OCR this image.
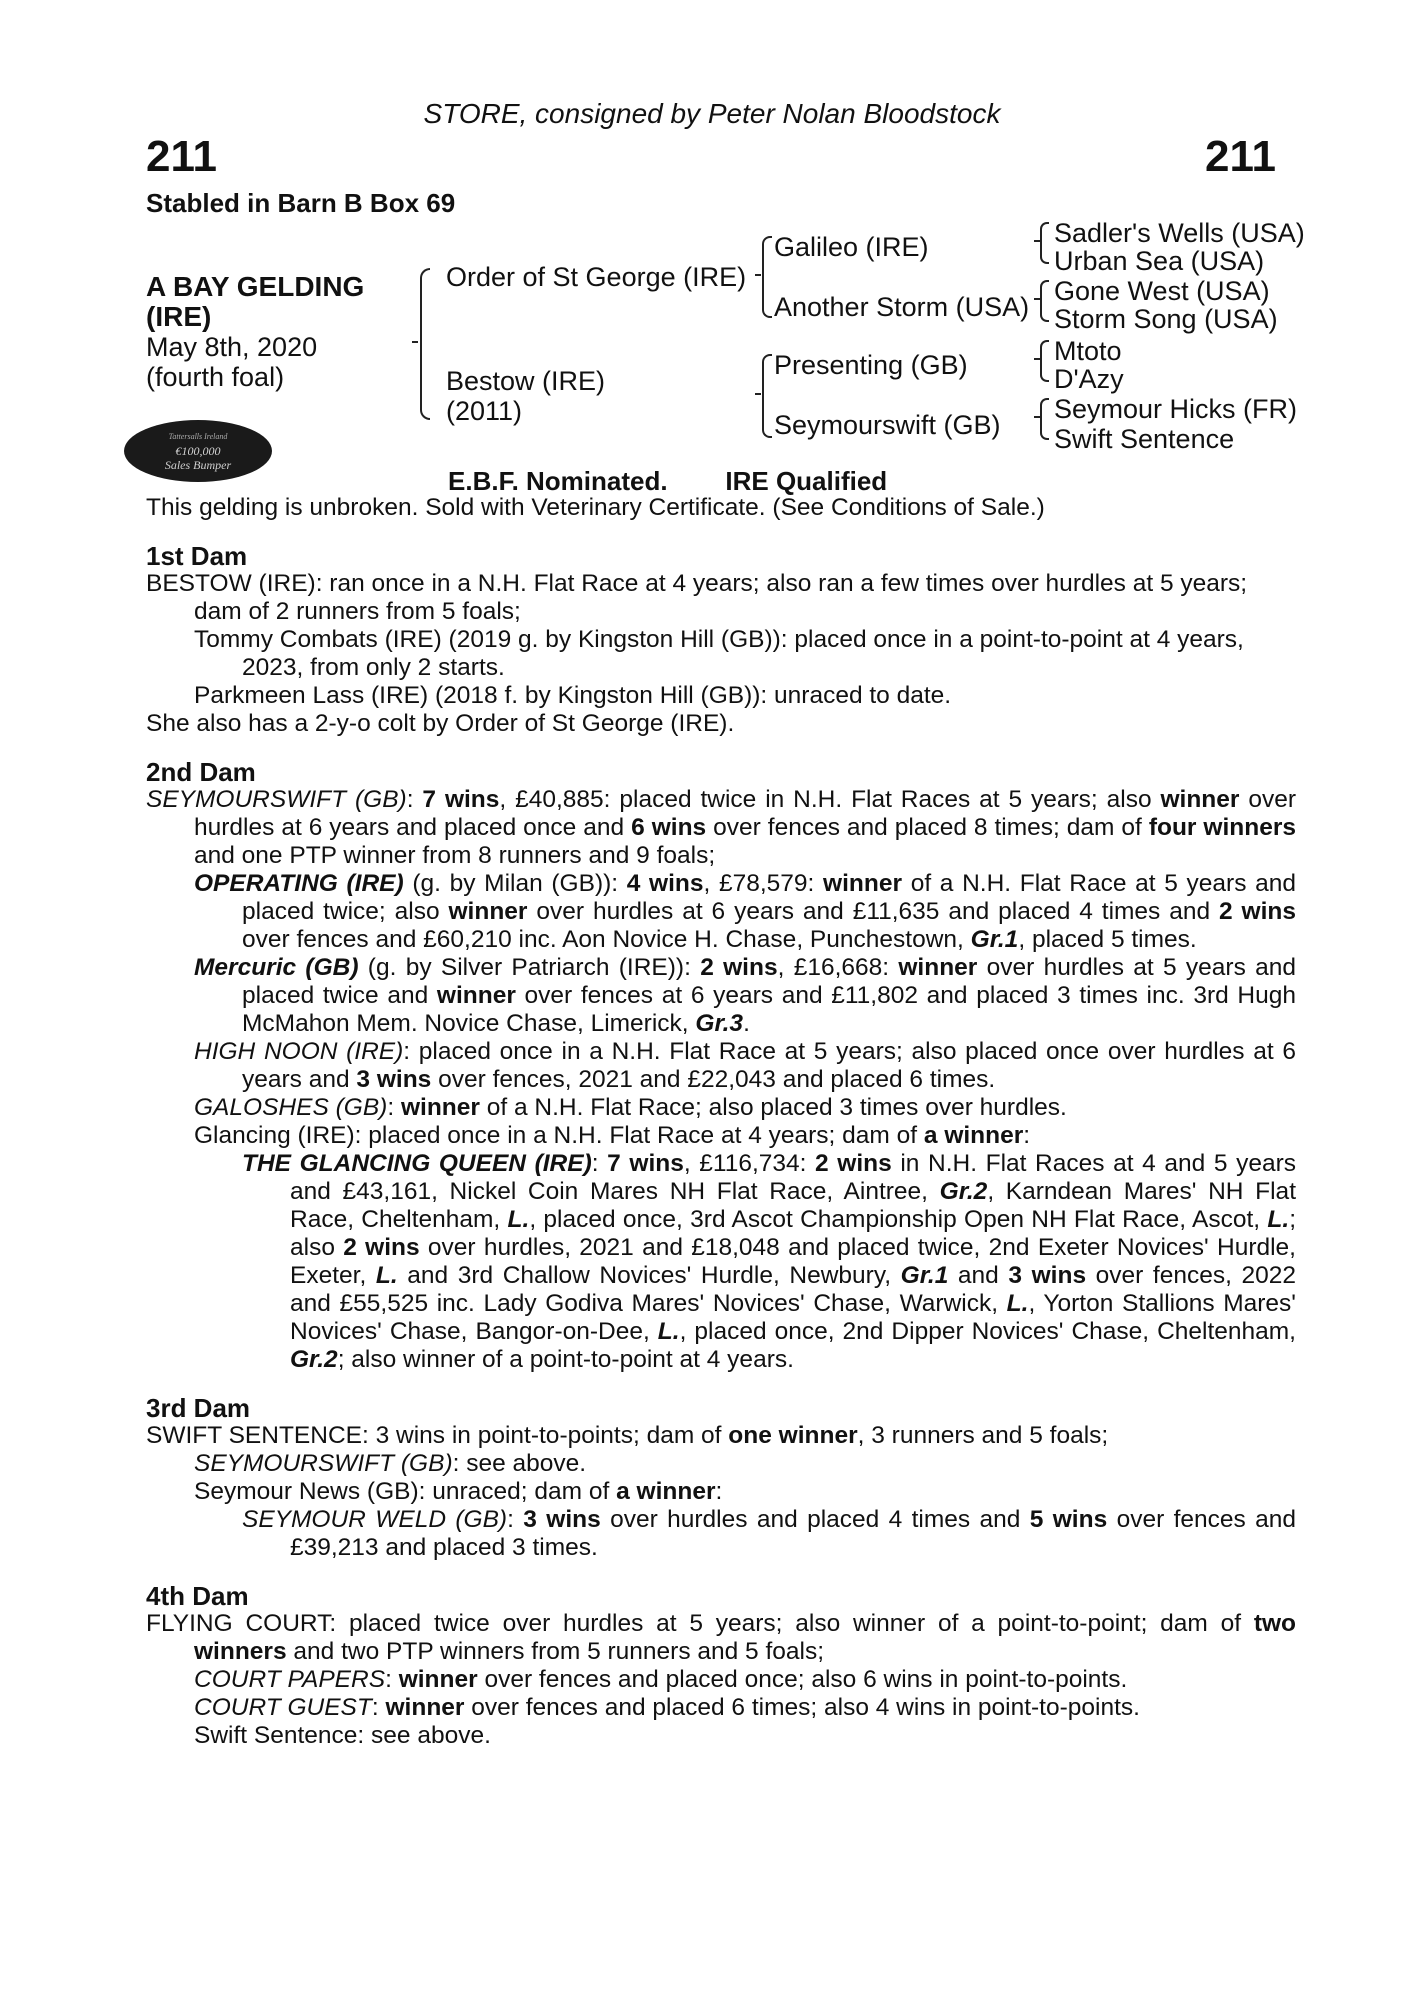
STORE, consigned by Peter Nolan Bloodstock
211	211
Stabled in Barn B Box 69
A BAY GELDING
(IRE)
May 8th, 2020
(fourth foal)
Order of St George (IRE)
Bestow (IRE)
(2011)
Galileo (IRE)
Another Storm (USA)
Presenting (GB)
Seymourswift (GB)
Sadler's Wells (USA)
Urban Sea (USA)
Gone West (USA)
Storm Song (USA)
Mtoto
D'Azy
Seymour Hicks (FR)
Swift Sentence
Tattersalls Ireland
€100,000
Sales Bumper
E.B.F. Nominated. IRE Qualified

This gelding is unbroken. Sold with Veterinary Certificate. (See Conditions of Sale.)

1st Dam

BESTOW (IRE): ran once in a N.H. Flat Race at 4 years; also ran a few times over hurdles at 5 years; dam of 2 runners from 5 foals;

Tommy Combats (IRE) (2019 g. by Kingston Hill (GB)): placed once in a point-to-point at 4 years, 2023, from only 2 starts.

Parkmeen Lass (IRE) (2018 f. by Kingston Hill (GB)): unraced to date.

She also has a 2-y-o colt by Order of St George (IRE).

2nd Dam

SEYMOURSWIFT (GB): 7 wins, £40,885: placed twice in N.H. Flat Races at 5 years; also winner over hurdles at 6 years and placed once and 6 wins over fences and placed 8 times; dam of four winners and one PTP winner from 8 runners and 9 foals;

OPERATING (IRE) (g. by Milan (GB)): 4 wins, £78,579: winner of a N.H. Flat Race at 5 years and placed twice; also winner over hurdles at 6 years and £11,635 and placed 4 times and 2 wins over fences and £60,210 inc. Aon Novice H. Chase, Punchestown, Gr.1, placed 5 times.

Mercuric (GB) (g. by Silver Patriarch (IRE)): 2 wins, £16,668: winner over hurdles at 5 years and placed twice and winner over fences at 6 years and £11,802 and placed 3 times inc. 3rd Hugh McMahon Mem. Novice Chase, Limerick, Gr.3.

HIGH NOON (IRE): placed once in a N.H. Flat Race at 5 years; also placed once over hurdles at 6 years and 3 wins over fences, 2021 and £22,043 and placed 6 times.

GALOSHES (GB): winner of a N.H. Flat Race; also placed 3 times over hurdles.

Glancing (IRE): placed once in a N.H. Flat Race at 4 years; dam of a winner:

THE GLANCING QUEEN (IRE): 7 wins, £116,734: 2 wins in N.H. Flat Races at 4 and 5 years and £43,161, Nickel Coin Mares NH Flat Race, Aintree, Gr.2, Karndean Mares' NH Flat Race, Cheltenham, L., placed once, 3rd Ascot Championship Open NH Flat Race, Ascot, L.; also 2 wins over hurdles, 2021 and £18,048 and placed twice, 2nd Exeter Novices' Hurdle, Exeter, L. and 3rd Challow Novices' Hurdle, Newbury, Gr.1 and 3 wins over fences, 2022 and £55,525 inc. Lady Godiva Mares' Novices' Chase, Warwick, L., Yorton Stallions Mares' Novices' Chase, Bangor-on-Dee, L., placed once, 2nd Dipper Novices' Chase, Cheltenham, Gr.2; also winner of a point-to-point at 4 years.

3rd Dam

SWIFT SENTENCE: 3 wins in point-to-points; dam of one winner, 3 runners and 5 foals;

SEYMOURSWIFT (GB): see above.

Seymour News (GB): unraced; dam of a winner:

SEYMOUR WELD (GB): 3 wins over hurdles and placed 4 times and 5 wins over fences and £39,213 and placed 3 times.

4th Dam

FLYING COURT: placed twice over hurdles at 5 years; also winner of a point-to-point; dam of two winners and two PTP winners from 5 runners and 5 foals;

COURT PAPERS: winner over fences and placed once; also 6 wins in point-to-points.

COURT GUEST: winner over fences and placed 6 times; also 4 wins in point-to-points.

Swift Sentence: see above.
